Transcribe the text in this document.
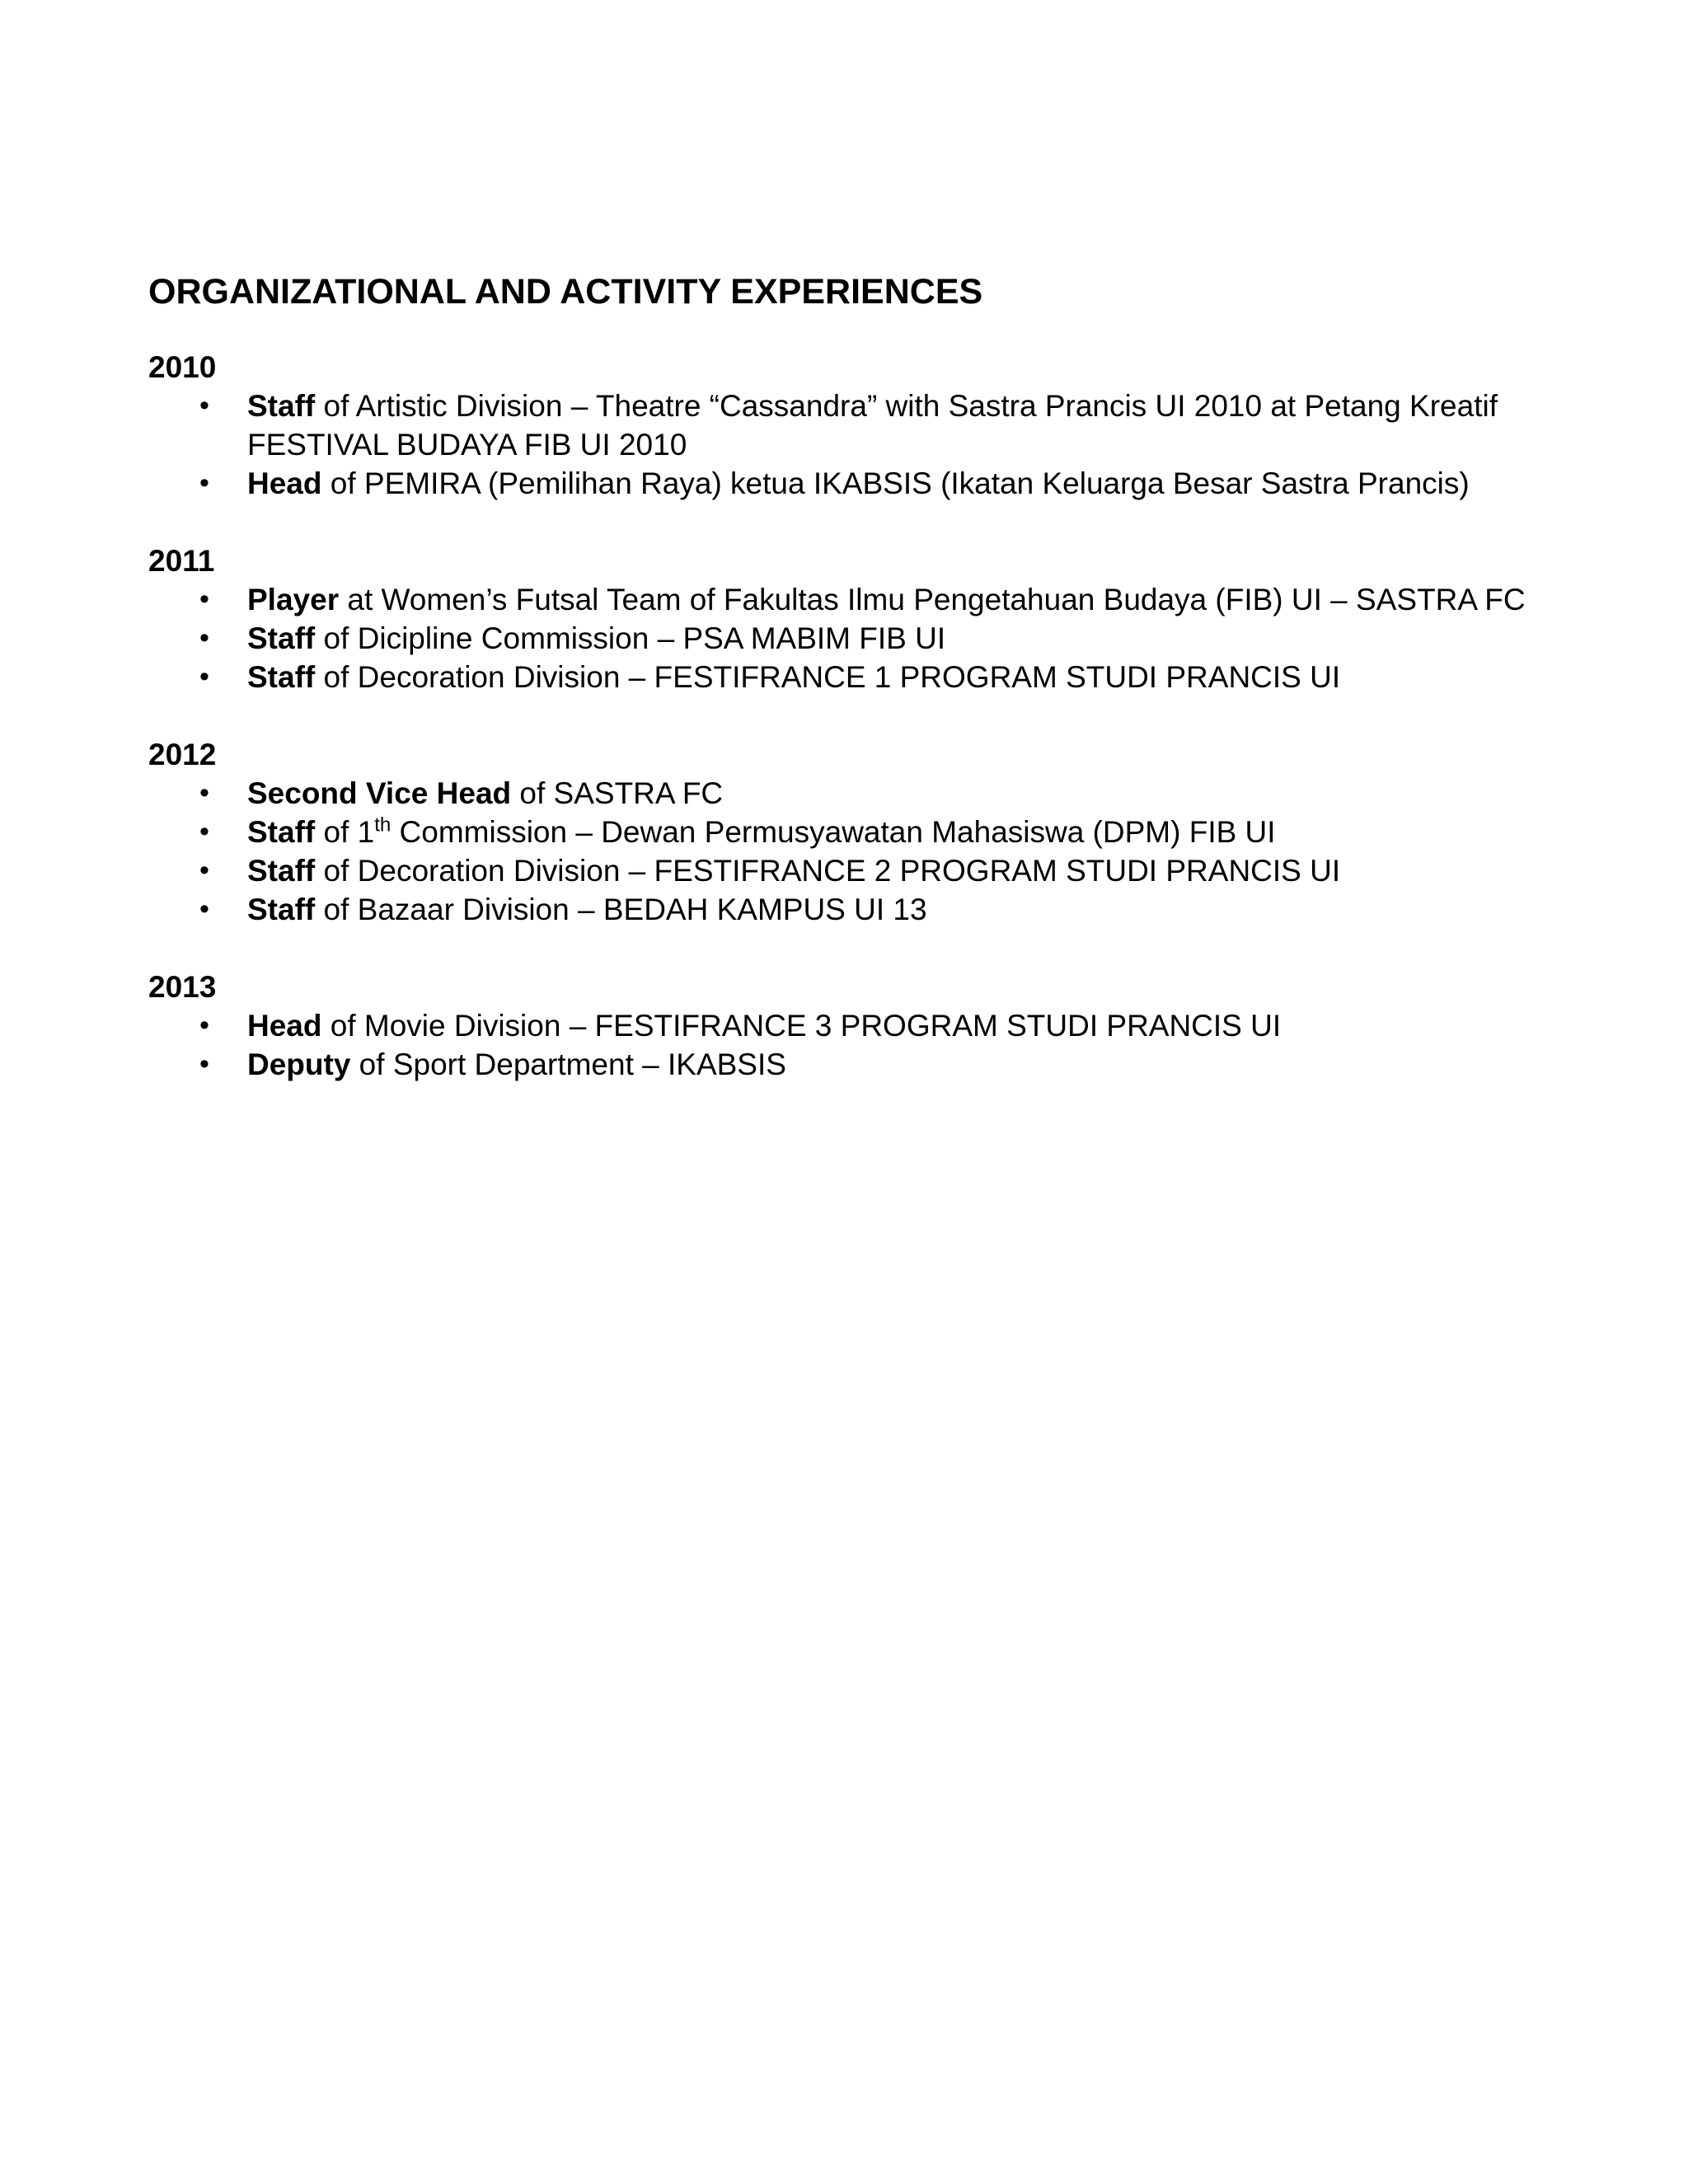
ORGANIZATIONAL AND ACTIVITY EXPERIENCES
2010
• Staff of Artistic Division – Theatre “Cassandra” with Sastra Prancis UI 2010 at Petang Kreatif FESTIVAL BUDAYA FIB UI 2010
• Head of PEMIRA (Pemilihan Raya) ketua IKABSIS (Ikatan Keluarga Besar Sastra Prancis)
2011
• Player at Women’s Futsal Team of Fakultas Ilmu Pengetahuan Budaya (FIB) UI – SASTRA FC
• Staff of Dicipline Commission – PSA MABIM FIB UI
• Staff of Decoration Division – FESTIFRANCE 1 PROGRAM STUDI PRANCIS UI
2012
• Second Vice Head of SASTRA FC
• Staff of 1th Commission – Dewan Permusyawatan Mahasiswa (DPM) FIB UI
• Staff of Decoration Division – FESTIFRANCE 2 PROGRAM STUDI PRANCIS UI
• Staff of Bazaar Division – BEDAH KAMPUS UI 13
2013
• Head of Movie Division – FESTIFRANCE 3 PROGRAM STUDI PRANCIS UI
• Deputy of Sport Department – IKABSIS
